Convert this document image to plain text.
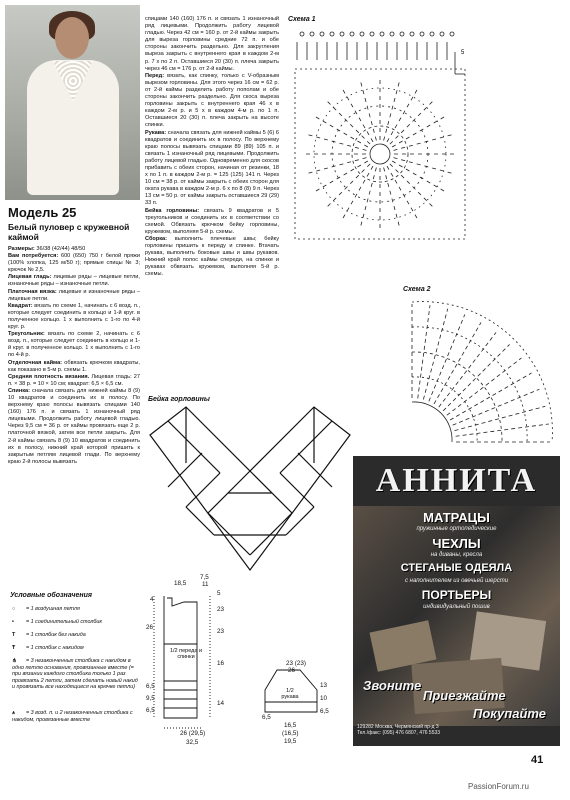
Модель 25
Белый пуловер с кружевной каймой
Размеры: 36/38 (42/44) 48/50
Вам потребуется: 600 (650) 750 г белой пряжи (100% хлопка, 125 м/50 г); прямые спицы № 3; крючок № 2,5.
Лицевая гладь: лицевые ряды – лицевые петли, изнаночные ряды – изнаночные петли.
Платочная вязка: лицевые и изнаночные ряды – лицевые петли.
Квадрат: вязать по схеме 1, начинать с 6 возд. п., которые следует соединить в кольцо и 1-й круг. в полученное кольцо. 1 х выполнить с 1-го по 4-й круг. р.
Треугольник: вязать по схеме 2, начинать с 6 возд. п., которые следует соединить в кольцо и 1-й круг. в полученное кольцо. 1 х выполнить с 1-го по 4-й р.
Отделочная кайма: обвязать крючком квадраты, как показано в 5-м р. схемы 1.
Средняя плотность вязания. Лицевая гладь: 27 п. × 38 р. = 10 × 10 см; квадрат: 6,5 × 6,5 см.
Спинка: сначала связать для нижней каймы 8 (9) 10 квадратов и соединить их в полосу. По верхнему краю полосы вывязать спицами 140 (160) 176 п. и связать 1 изнаночный ряд лицевыми. Продолжить работу лицевой гладью. Через 9,5 см = 36 р. от каймы провязать еще 2 р. платочной вязкой, затем все петли закрыть. Для 2-й каймы связать 8 (9) 10 квадратов и соединить их в полосу, нижний край которой пришить к закрытым петлям лицевой глади. По верхнему краю 2-й полосы вывязать
спицами 140 (160) 176 п. и связать 1 изнаночный ряд лицевыми. Продолжить работу лицевой гладью. Через 42 см = 160 р. от 2-й каймы закрыть для выреза горловины средние 72 п. и обе стороны закончить раздельно. Для закругления выреза закрыть с внутреннего края в каждом 2-м р. 7 х по 2 п. Оставшиеся 20 (30) п. плеча закрыть через 46 см = 176 р. от 2-й каймы.
Перед: вязать, как спинку, только с V-образным вырезом горловины. Для этого через 16 см = 62 р. от 2-й каймы разделить работу пополам и обе стороны закончить раздельно. Для скоса выреза горловины закрыть с внутреннего края 46 х в каждом 2-м р. и 5 х в каждом 4-м р. по 1 п. Оставшиеся 20 (30) п. плеча закрыть на высоте спинки.
Рукава: сначала связать для нижней каймы 5 (6) 6 квадратов и соединить их в полосу. По верхнему краю полосы вывязать спицами 89 (89) 105 п. и связать 1 изнаночный ряд лицевыми. Продолжить работу лицевой гладью. Одновременно для скосов прибавить с обеих сторон, начиная от резинки, 18 х по 1 п. в каждом 2-м р. = 125 (125) 141 п. Через 10 см = 38 р. от каймы закрыть с обеих сторон для оката рукава в каждом 2-м р. 6 х по 8 (8) 9 п. Через 13 см = 50 р. от каймы закрыть оставшиеся 29 (29) 33 п.
Бейка горловины: связать 9 квадратов и 5 треугольников и соединить их в соответствии со схемой. Обвязать крючком бейку горловины, кружевом, выполняя 5-й р. схемы.
Сборка: выполнить плечевые швы; бейку горловины пришить к переду и спинке. Втачать рукава, выполнить боковые швы и швы рукавов. Нижний край полос каймы спереди, на спинке и рукавах обвязать кружевом, выполняя 5-й р. схемы.
Схема 1
5
Схема 2
Бейка горловины
18,5
7,5
11
4
5
23
26
23
16
1/2 переда и спинки
6,5
9,5
6,5
14
26 (29,5)
32,5
23 (23)
26
13
10
1/2 рукава
6,5
6,5
16,5
(16,5)
19,5
Условные обозначения
○ = 1 воздушная петля
• = 1 соединительный столбик
T = 1 столбик без накида
Ŧ = 1 столбик с накидом
⋔ = 3 незаконченных столбика с накидом в одно петлю основания, провязанные вместе (= при вязании каждого столбика только 1 раз провязать 2 петли, затем сделать новый накид и провязать все находящиеся на крючке петли)
⩚ = 3 возд. п. и 2 незаконченных столбика с накидом, провязанные вместе
АННИТА
МАТРАЦЫ
пружинные ортопедические
ЧЕХЛЫ
на диваны, кресла
СТЕГАНЫЕ ОДЕЯЛА
с наполнителем из овечьей шерсти
ПОРТЬЕРЫ
индивидуальный пошив
Звоните
Приезжайте
Покупайте
129282 Москва, Чермянский пр-д 3
Тел./факс: (095) 476 6807, 476 5533
41
PassionForum.ru
